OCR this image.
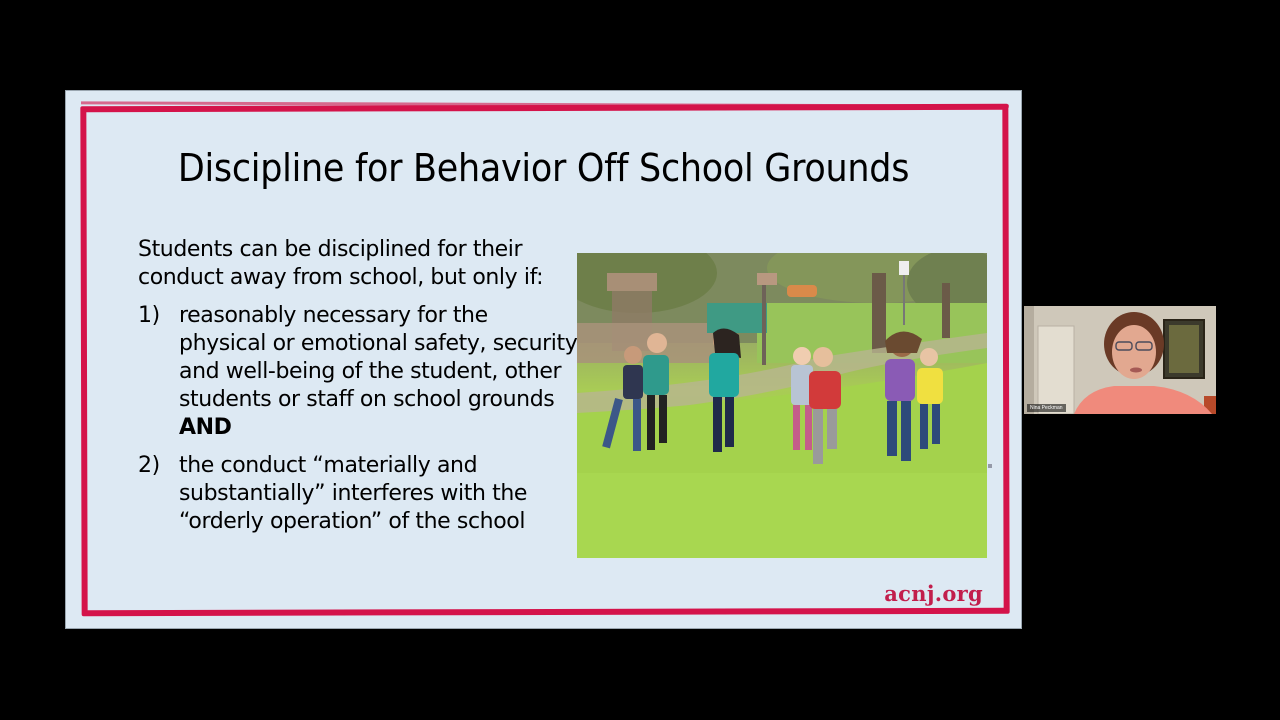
Discipline for Behavior Off School Grounds

Students can be disciplined for their conduct away from school, but only if:

1) reasonably necessary for the physical or emotional safety, security and well-being of the student, other students or staff on school grounds
AND
2) the conduct “materially and substantially” interferes with the “orderly operation” of the school
acnj.org
Nina Peckman
